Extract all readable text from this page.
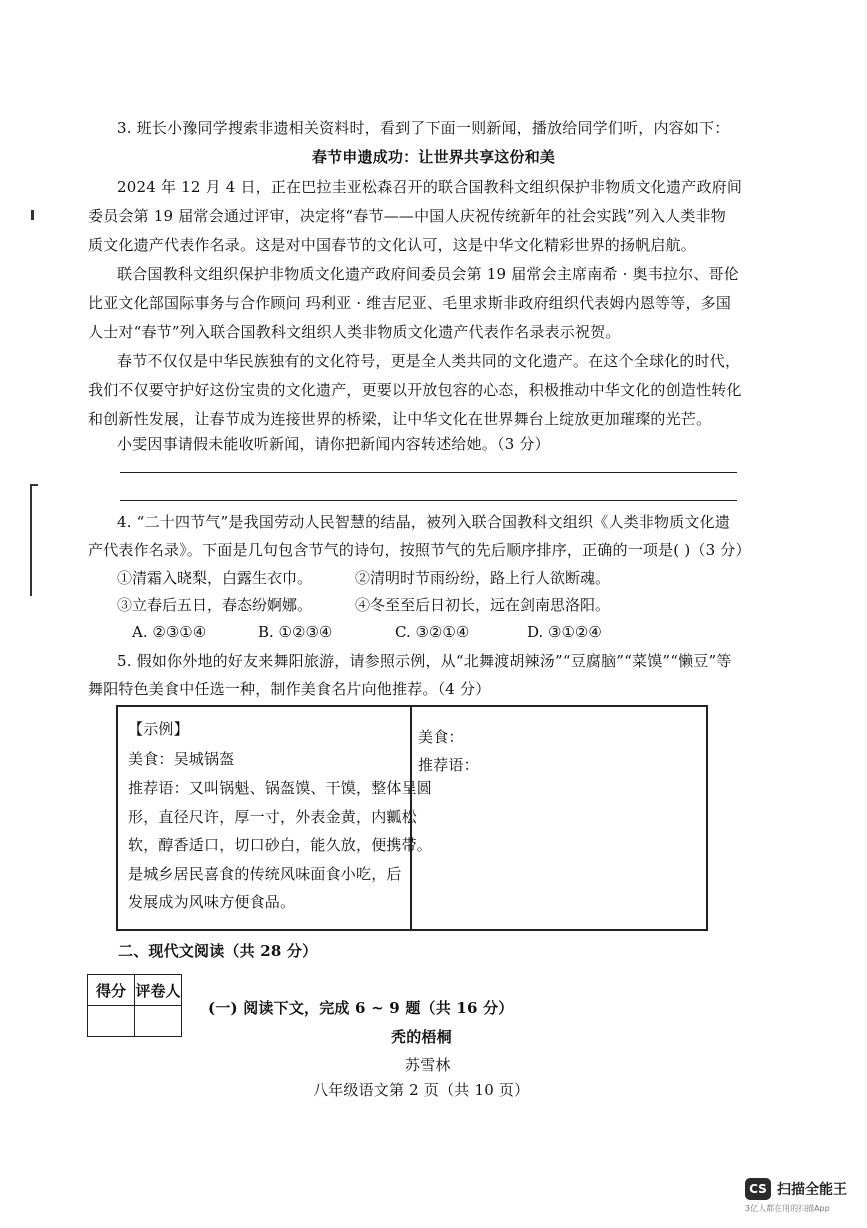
3. 班长小豫同学搜索非遗相关资料时，看到了下面一则新闻，播放给同学们听，内容如下：
春节申遗成功：让世界共享这份和美
2024 年 12 月 4 日，正在巴拉圭亚松森召开的联合国教科文组织保护非物质文化遗产政府间
委员会第 19 届常会通过评审，决定将“春节——中国人庆祝传统新年的社会实践”列入人类非物
质文化遗产代表作名录。这是对中国春节的文化认可，这是中华文化精彩世界的扬帆启航。
联合国教科文组织保护非物质文化遗产政府间委员会第 19 届常会主席南希 · 奥韦拉尔、哥伦
比亚文化部国际事务与合作顾问 玛利亚 · 维吉尼亚、毛里求斯非政府组织代表姆内恩等等，多国
人士对“春节”列入联合国教科文组织人类非物质文化遗产代表作名录表示祝贺。
春节不仅仅是中华民族独有的文化符号，更是全人类共同的文化遗产。在这个全球化的时代，
我们不仅要守护好这份宝贵的文化遗产，更要以开放包容的心态，积极推动中华文化的创造性转化
和创新性发展，让春节成为连接世界的桥梁，让中华文化在世界舞台上绽放更加璀璨的光芒。
小雯因事请假未能收听新闻，请你把新闻内容转述给她。（3 分）
4. “二十四节气”是我国劳动人民智慧的结晶，被列入联合国教科文组织《人类非物质文化遗
产代表作名录》。下面是几句包含节气的诗句，按照节气的先后顺序排序，正确的一项是( )（3 分）
①清霜入晓梨，白露生衣巾。	②清明时节雨纷纷，路上行人欲断魂。
③立春后五日，春态纷婀娜。	④冬至至后日初长，远在剑南思洛阳。
A. ②③①④	B. ①②③④	C. ③②①④	D. ③①②④
5. 假如你外地的好友来舞阳旅游，请参照示例，从“北舞渡胡辣汤”“豆腐脑”“菜馍”“懒豆”等
舞阳特色美食中任选一种，制作美食名片向他推荐。（4 分）
【示例】
美食：吴城锅盔
推荐语：又叫锅魁、锅盔馍、干馍，整体呈圆
形，直径尺许，厚一寸，外表金黄，内瓤松
软，醇香适口，切口砂白，能久放，便携带。
是城乡居民喜食的传统风味面食小吃，后
发展成为风味方便食品。
美食：
推荐语：
二、现代文阅读（共 28 分）
得分	评卷人

(一) 阅读下文，完成 6 ~ 9 题（共 16 分）
秃的梧桐
苏雪林
八年级语文第 2 页（共 10 页）
CS 扫描全能王
3亿人都在用的扫描App
